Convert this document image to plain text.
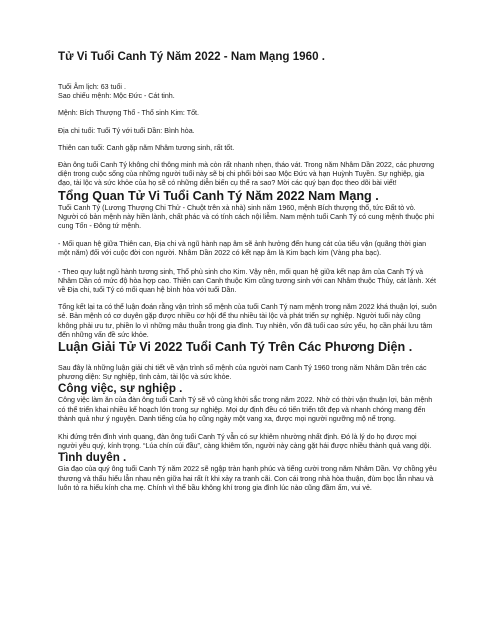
Tử Vi Tuổi Canh Tý Năm 2022 - Nam Mạng 1960 .

Tuổi Âm lịch: 63 tuổi .

Sao chiếu mệnh: Mộc Đức - Cát tinh.

Mệnh: Bích Thượng Thổ - Thổ sinh Kim: Tốt.

Địa chi tuổi: Tuổi Tý với tuổi Dần: Bình hòa.

Thiên can tuổi: Canh gặp năm Nhâm tương sinh, rất tốt.

Đàn ông tuổi Canh Tý không chỉ thông minh mà còn rất nhanh nhẹn, tháo vát. Trong năm Nhâm Dần 2022, các phương diện trong cuộc sống của những người tuổi này sẽ bị chi phối bởi sao Mộc Đức và hạn Huỳnh Tuyền. Sự nghiệp, gia đạo, tài lộc và sức khỏe của họ sẽ có những diễn biến cụ thể ra sao? Mời các quý bạn đọc theo dõi bài viết!

Tổng Quan Tử Vi Tuổi Canh Tý Năm 2022 Nam Mạng .

Tuổi Canh Tý (Lương Thượng Chi Thử - Chuột trên xà nhà) sinh năm 1960, mệnh Bích thượng thổ, tức Đất tò vò. Người có bản mệnh này hiền lành, chất phác và có tính cách nội liễm. Nam mệnh tuổi Canh Tý có cung mệnh thuộc phi cung Tốn - Đông tứ mệnh.

- Mối quan hệ giữa Thiên can, Địa chi và ngũ hành nạp âm sẽ ảnh hưởng đến hung cát của tiểu vận (quãng thời gian một năm) đối với cuộc đời con người. Nhâm Dần 2022 có kết nạp âm là Kim bạch kim (Vàng pha bạc).

- Theo quy luật ngũ hành tương sinh, Thổ phù sinh cho Kim. Vậy nên, mối quan hệ giữa kết nạp âm của Canh Tý và Nhâm Dần có mức độ hòa hợp cao. Thiên can Canh thuộc Kim cũng tương sinh với can Nhâm thuộc Thủy, cát lành. Xét về Địa chi, tuổi Tý có mối quan hệ bình hòa với tuổi Dần.

Tổng kết lại ta có thể luận đoán rằng vận trình số mệnh của tuổi Canh Tý nam mệnh trong năm 2022 khá thuận lợi, suôn sẻ. Bản mệnh có cơ duyên gặp được nhiều cơ hội để thu nhiều tài lộc và phát triển sự nghiệp. Người tuổi này cũng không phải ưu tư, phiền lo vì những mâu thuẫn trong gia đình. Tuy nhiên, vốn đã tuổi cao sức yếu, họ cần phải lưu tâm đến những vấn đề sức khỏe.

Luận Giải Tử Vi 2022 Tuổi Canh Tý Trên Các Phương Diện .

Sau đây là những luận giải chi tiết về vận trình số mệnh của người nam Canh Tý 1960 trong năm Nhâm Dần trên các phương diện: Sự nghiệp, tình cảm, tài lộc và sức khỏe.

Công việc, sự nghiệp .

Công việc làm ăn của đàn ông tuổi Canh Tý sẽ vô cùng khởi sắc trong năm 2022. Nhờ có thời vận thuận lợi, bản mệnh có thể triển khai nhiều kế hoạch lớn trong sự nghiệp. Mọi dự định đều có tiến triển tốt đẹp và nhanh chóng mang đến thành quả như ý nguyện. Danh tiếng của họ cũng ngày một vang xa, được mọi người ngưỡng mộ nể trọng.

Khi đứng trên đỉnh vinh quang, đàn ông tuổi Canh Tý vẫn có sự khiêm nhường nhất định. Đó là lý do họ được mọi người yêu quý, kính trọng. “Lúa chín cúi đầu”, càng khiêm tốn, người này càng gặt hái được nhiều thành quả vang dội.

Tình duyên .

Gia đạo của quý ông tuổi Canh Tý năm 2022 sẽ ngập tràn hạnh phúc và tiếng cười trong năm Nhâm Dần. Vợ chồng yêu thương và thấu hiểu lẫn nhau nên giữa hai rất ít khi xảy ra tranh cãi. Con cái trong nhà hòa thuận, đùm bọc lẫn nhau và luôn tỏ ra hiếu kính cha mẹ. Chính vì thế bầu không khí trong gia đình lúc nào cũng đầm ấm, vui vẻ.
